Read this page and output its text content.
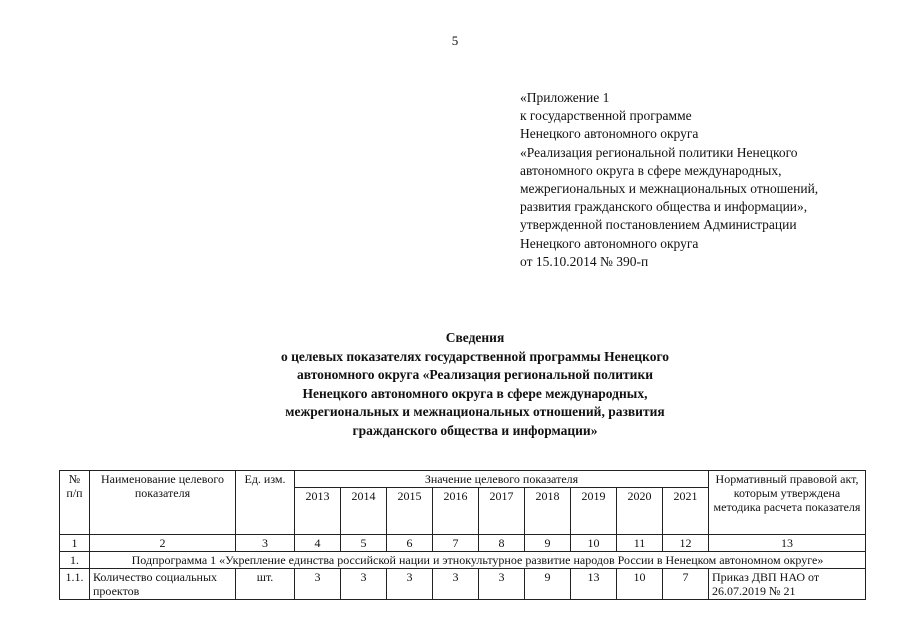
5
«Приложение 1
к государственной программе
Ненецкого автономного округа
«Реализация региональной политики Ненецкого
автономного округа в сфере международных,
межрегиональных и межнациональных отношений,
развития гражданского общества и информации»,
утвержденной постановлением Администрации
Ненецкого автономного округа
от 15.10.2014 № 390-п
Сведения
о целевых показателях государственной программы Ненецкого
автономного округа «Реализация региональной политики
Ненецкого автономного округа в сфере международных,
межрегиональных и межнациональных отношений, развития
гражданского общества и информации»
№ п/п	Наименование целевого показателя	Ед. изм.	Значение целевого показателя									Нормативный правовой акт, которым утверждена методика расчета показателя
			2013	2014	2015	2016	2017	2018	2019	2020	2021	
1	2	3	4	5	6	7	8	9	10	11	12	13
1.	Подпрограмма 1 «Укрепление единства российской нации и этнокультурное развитие народов России в Ненецком автономном округе»											
1.1.	Количество социальных проектов	шт.	3	3	3	3	3	9	13	10	7	Приказ ДВП НАО от 26.07.2019 № 21
